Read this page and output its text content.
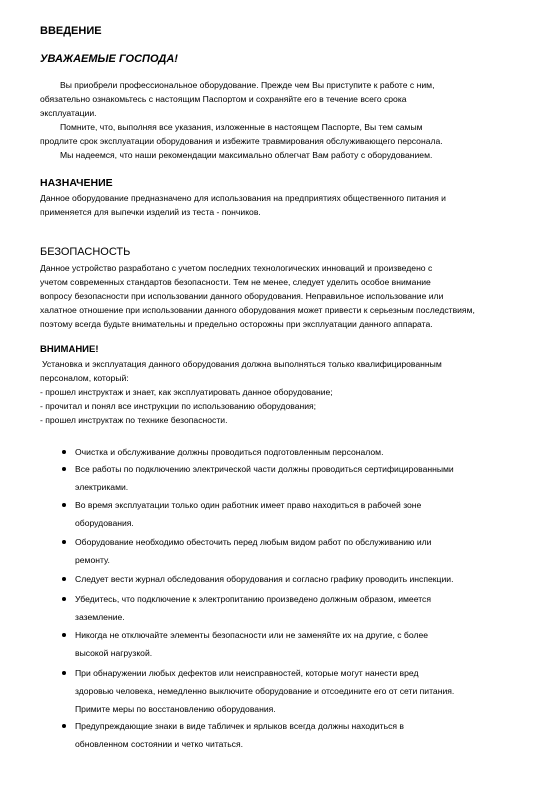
ВВЕДЕНИЕ
УВАЖАЕМЫЕ ГОСПОДА!
Вы приобрели профессиональное оборудование. Прежде чем Вы приступите к работе с ним,
обязательно ознакомьтесь с настоящим Паспортом и сохраняйте его в течение всего срока
эксплуатации.
Помните, что, выполняя все указания, изложенные в настоящем Паспорте, Вы тем самым
продлите срок эксплуатации оборудования и избежите травмирования обслуживающего персонала.
Мы надеемся, что наши рекомендации максимально облегчат Вам работу с оборудованием.
НАЗНАЧЕНИЕ
Данное оборудование предназначено для использования на предприятиях общественного питания и
применяется для выпечки изделий из теста - пончиков.
БЕЗОПАСНОСТЬ
Данное устройство разработано с учетом последних технологических инноваций и произведено с
учетом современных стандартов безопасности. Тем не менее, следует уделить особое внимание
вопросу безопасности при использовании данного оборудования. Неправильное использование или
халатное отношение при использовании данного оборудования может привести к серьезным последствиям,
поэтому всегда будьте внимательны и предельно осторожны при эксплуатации данного аппарата.
ВНИМАНИЕ!
Установка и эксплуатация данного оборудования должна выполняться только квалифицированным
персоналом, который:
- прошел инструктаж и знает, как эксплуатировать данное оборудование;
- прочитал и понял все инструкции по использованию оборудования;
- прошел инструктаж по технике безопасности.
Очистка и обслуживание должны проводиться подготовленным персоналом.
Все работы по подключению электрической части должны проводиться сертифицированными
электриками.
Во время эксплуатации только один работник имеет право находиться в рабочей зоне
оборудования.
Оборудование необходимо обесточить перед любым видом работ по обслуживанию или
ремонту.
Следует вести журнал обследования оборудования и согласно графику проводить инспекции.
Убедитесь, что подключение к электропитанию произведено должным образом, имеется
заземление.
Никогда не отключайте элементы безопасности или не заменяйте их на другие, с более
высокой нагрузкой.
При обнаружении любых дефектов или неисправностей, которые могут нанести вред
здоровью человека, немедленно выключите оборудование и отсоедините его от сети питания.
Примите меры по восстановлению оборудования.
Предупреждающие знаки в виде табличек и ярлыков всегда должны находиться в
обновленном состоянии и четко читаться.
